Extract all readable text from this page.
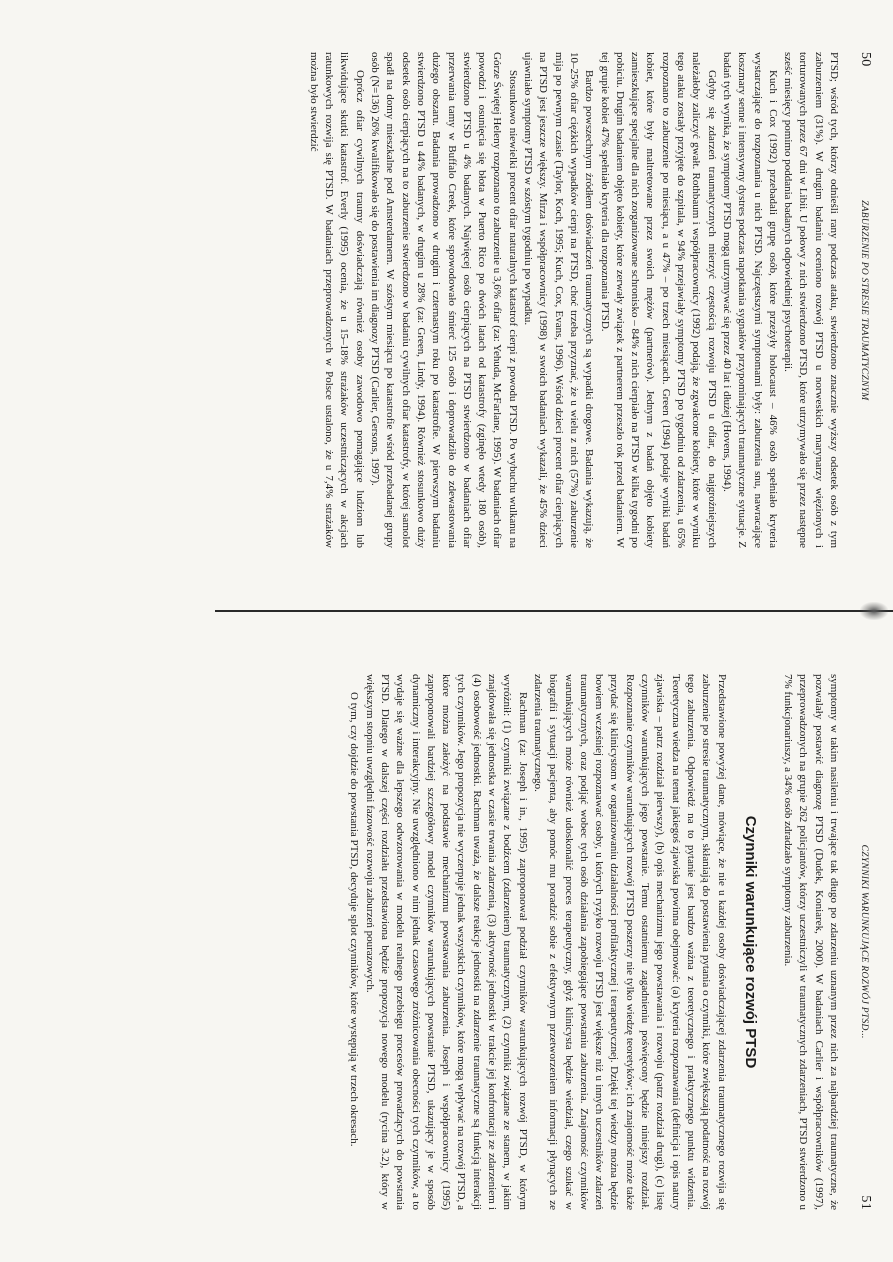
50
ZABURZENIE PO STRESIE TRAUMATYCZNYM

PTSD; wśród tych, którzy odnieśli rany podczas ataku, stwierdzono znacznie wyższy odsetek osób z tym zaburzeniem (31%). W drugim badaniu oceniono rozwój PTSD u norweskich marynarzy więzionych i torturowanych przez 67 dni w Libii. U połowy z nich stwierdzono PTSD, które utrzymywało się przez następne sześć miesięcy pomimo poddania badanych odpowiedniej psychoterapii.

Kuch i Cox (1992) przebadali grupę osób, które przeżyły holocaust – 46% osób spełniało kryteria wystarczające do rozpoznania u nich PTSD. Najczęstszymi symptomami były: zaburzenia snu, nawracające koszmary senne i intensywny dystres podczas napotkania sygnałów przypominających traumatyczne sytuacje. Z badań tych wynika, że symptomy PTSD mogą utrzymywać się przez 40 lat i dłużej (Hovens, 1994).

Gdyby się zdarzeń traumatycznych mierzyć częstością rozwoju PTSD u ofiar, do najgroźniejszych należałoby zaliczyć gwałt. Rothbaum i współpracownicy (1992) podają, że zgwałcone kobiety, które w wyniku tego ataku zostały przyjęte do szpitala, w 94% przejawiały symptomy PTSD po tygodniu od zdarzenia, u 65% rozpoznano to zaburzenie po miesiącu, a u 47% – po trzech miesiącach. Green (1994) podaje wyniki badań kobiet, które były maltretowane przez swoich mężów (partnerów). Jednym z badań objęto kobiety zamieszkujące specjalne dla nich zorganizowane schronisko – 84% z nich cierpiało na PTSD w kilka tygodni po pobiciu. Drugim badaniem objęto kobiety, które zerwały związek z partnerem przeszło rok przed badaniem. W tej grupie kobiet 47% spełniało kryteria dla rozpoznania PTSD.

Bardzo powszechnym źródłem doświadczeń traumatycznych są wypadki drogowe. Badania wykazują, że 10–25% ofiar ciężkich wypadków cierpi na PTSD, choć trzeba przyznać, że u wielu z nich (57%) zaburzenie mija po pewnym czasie (Taylor, Koch, 1995; Kuch, Cox, Evans, 1996). Wśród dzieci procent ofiar cierpiących na PTSD jest jeszcze większy. Mirza i współpracownicy (1998) w swoich badaniach wykazali, że 45% dzieci ujawniało symptomy PTSD w szóstym tygodniu po wypadku.

Stosunkowo niewielki procent ofiar naturalnych katastrof cierpi z powodu PTSD. Po wybuchu wulkanu na Górze Świętej Heleny rozpoznano to zaburzenie u 3,6% ofiar (za: Yehuda, McFarlane, 1995). W badaniach ofiar powodzi i osunięcia się błota w Puerto Rico po dwóch latach od katastrofy (zginęło wtedy 180 osób), stwierdzono PTSD u 4% badanych. Najwięcej osób cierpiących na PTSD stwierdzono w badaniach ofiar przerwania tamy w Buffalo Creek, które spowodowało śmierć 125 osób i doprowadziło do zdewastowania dużego obszaru. Badania prowadzono w drugim i czternastym roku po katastrofie. W pierwszym badaniu stwierdzono PTSD u 44% badanych, w drugim u 28% (za: Green, Lindy, 1994). Również stosunkowo duży odsetek osób cierpiących na to zaburzenie stwierdzono w badaniu cywilnych ofiar katastrofy, w której samolot spadł na domy mieszkalne pod Amsterdamem. W szóstym miesiącu po katastrofie wśród przebadanej grupy osób (N=136) 26% kwalifikowało się do postawienia im diagnozy PTSD (Carlier, Gersons, 1997).

Oprócz ofiar cywilnych traumy doświadczają również osoby zawodowo pomagające ludziom lub likwidujące skutki katastrof. Everly (1995) ocenia, że u 15–18% strażaków uczestniczących w akcjach ratunkowych rozwija się PTSD. W badaniach przeprowadzonych w Polsce ustalono, że u 7,4% strażaków można było stwierdzić

CZYNNIKI WARUNKUJĄCE ROZWÓJ PTSD...
51

symptomy w takim nasileniu i trwające tak długo po zdarzeniu uznanym przez nich za najbardziej traumatyczne, że pozwalały postawić diagnozę PTSD (Dudek, Koniarek, 2000). W badaniach Carlier i współpracowników (1997), przeprowadzonych na grupie 262 policjantów, którzy uczestniczyli w traumatycznych zdarzeniach, PTSD stwierdzono u 7% funkcjonariuszy, a 34% osób zdradzało symptomy zaburzenia.

Czynniki warunkujące rozwój PTSD

Przedstawione powyżej dane, mówiące, że nie u każdej osoby doświadczającej zdarzenia traumatycznego rozwija się zaburzenie po stresie traumatycznym, skłaniają do postawienia pytania o czynniki, które zwiększają podatność na rozwój tego zaburzenia. Odpowiedź na to pytanie jest bardzo ważna z teoretycznego i praktycznego punktu widzenia. Teoretyczna wiedza na temat jakiegoś zjawiska powinna obejmować: (a) kryteria rozpoznawania (definicja i opis natury zjawiska – patrz rozdział pierwszy), (b) opis mechanizmu jego powstawania i rozwoju (patrz rozdział drugi), (c) listę czynników warunkujących jego powstanie. Temu ostatniemu zagadnieniu poświęcony będzie niniejszy rozdział. Rozpoznanie czynników warunkujących rozwój PTSD poszerzy nie tylko wiedzę teoretyków; ich znajomość może także przydać się klinicystom w organizowaniu działalności profilaktycznej i terapeutycznej. Dzięki tej wiedzy można będzie bowiem wcześniej rozpoznawać osoby, u których ryzyko rozwoju PTSD jest większe niż u innych uczestników zdarzeń traumatycznych, oraz podjąć wobec tych osób działania zapobiegające powstaniu zaburzenia. Znajomość czynników warunkujących może również udoskonalić proces terapeutyczny, gdyż klinicysta będzie wiedział, czego szukać w biografii i sytuacji pacjenta, aby pomóc mu poradzić sobie z efektywnym przetworzeniem informacji płynących ze zdarzenia traumatycznego.

Rachman (za: Joseph i in., 1995) zaproponował podział czynników warunkujących rozwój PTSD, w którym wyróżnił: (1) czynniki związane z bodźcem (zdarzeniem) traumatycznym, (2) czynniki związane ze stanem, w jakim znajdowała się jednostka w czasie trwania zdarzenia, (3) aktywność jednostki w trakcie jej konfrontacji ze zdarzeniem i (4) osobowość jednostki. Rachman uważa, że dalsze reakcje jednostki na zdarzenie traumatyczne są funkcją interakcji tych czynników. Jego propozycja nie wyczerpuje jednak wszystkich czynników, które mogą wpływać na rozwój PTSD, a które można założyć na podstawie mechanizmu powstawania zaburzenia. Joseph i współpracownicy (1995) zaproponowali bardziej szczegółowy model czynników warunkujących powstanie PTSD, ukazujący je w sposób dynamiczny i interakcyjny. Nie uwzględniono w nim jednak czasowego zróżnicowania obecności tych czynników, a to wydaje się ważne dla lepszego odwzorowania w modelu realnego przebiegu procesów prowadzących do powstania PTSD. Dlatego w dalszej części rozdziału przedstawiona będzie propozycja nowego modelu (rycina 3.2), który w większym stopniu uwzględni fazowość rozwoju zaburzeń pourazowych.

O tym, czy dojdzie do powstania PTSD, decyduje splot czynników, które występują w trzech okresach.
